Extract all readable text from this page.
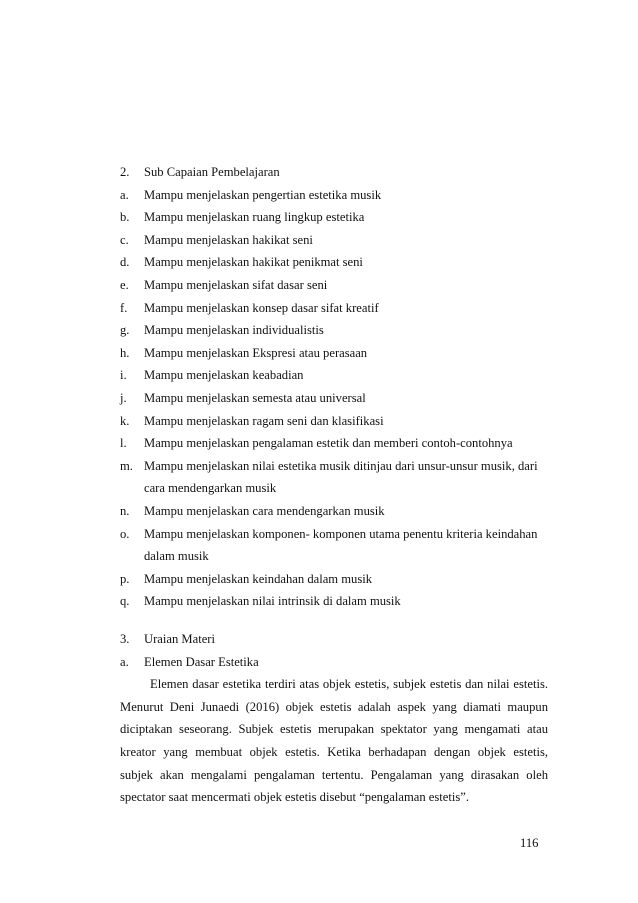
2. Sub Capaian Pembelajaran
a. Mampu menjelaskan pengertian estetika musik
b. Mampu menjelaskan ruang lingkup estetika
c. Mampu menjelaskan hakikat seni
d. Mampu menjelaskan hakikat penikmat seni
e. Mampu menjelaskan sifat dasar seni
f. Mampu menjelaskan konsep dasar sifat kreatif
g. Mampu menjelaskan individualistis
h. Mampu menjelaskan Ekspresi atau perasaan
i. Mampu menjelaskan keabadian
j. Mampu menjelaskan semesta atau universal
k. Mampu menjelaskan ragam seni dan klasifikasi
l. Mampu menjelaskan pengalaman estetik dan memberi contoh-contohnya
m. Mampu menjelaskan nilai estetika musik ditinjau dari unsur-unsur musik, dari
cara mendengarkan musik
n. Mampu menjelaskan cara mendengarkan musik
o. Mampu menjelaskan komponen- komponen utama penentu kriteria keindahan
dalam musik
p. Mampu menjelaskan keindahan dalam musik
q. Mampu menjelaskan nilai intrinsik di dalam musik
3. Uraian Materi
a. Elemen Dasar Estetika
Elemen dasar estetika terdiri atas objek estetis, subjek estetis dan nilai estetis.
Menurut Deni Junaedi (2016) objek estetis adalah aspek yang diamati maupun
diciptakan seseorang. Subjek estetis merupakan spektator yang mengamati atau
kreator yang membuat objek estetis. Ketika berhadapan dengan objek estetis,
subjek akan mengalami pengalaman tertentu. Pengalaman yang dirasakan oleh
spectator saat mencermati objek estetis disebut “pengalaman estetis”.
116
